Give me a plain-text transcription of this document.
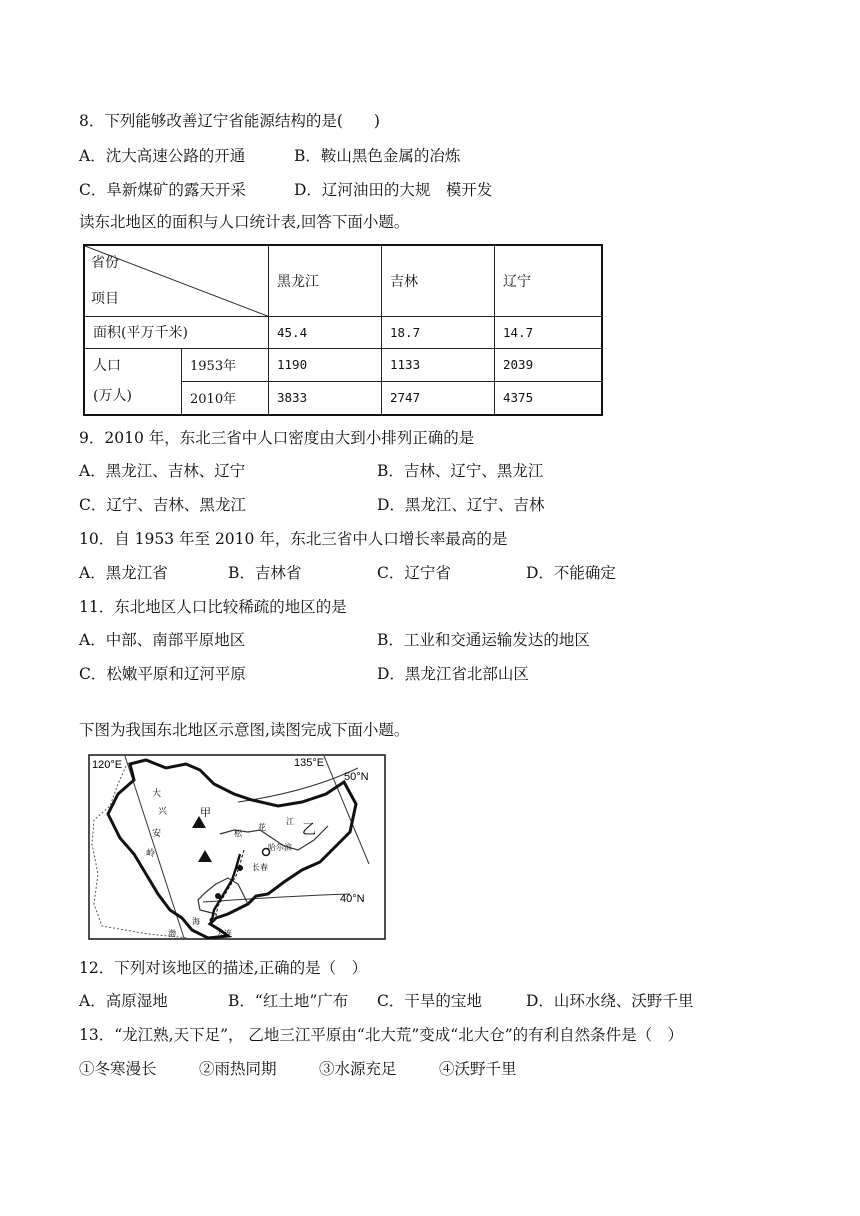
8．下列能够改善辽宁省能源结构的是(　　)
A．沈大高速公路的开通	B．鞍山黑色金属的冶炼
C．阜新煤矿的露天开采	D．辽河油田的大规　模开发
读东北地区的面积与人口统计表,回答下面小题。
省份
项目		黑龙江	吉林	辽宁
面积(平万千米)		45.4	18.7	14.7
人口
(万人)	1953年	1190	1133	2039
	2010年	3833	2747	4375
9．2010 年，东北三省中人口密度由大到小排列正确的是
A．黑龙江、吉林、辽宁	B．吉林、辽宁、黑龙江
C．辽宁、吉林、黑龙江	D．黑龙江、辽宁、吉林
10．自 1953 年至 2010 年，东北三省中人口增长率最高的是
A．黑龙江省	B．吉林省	C．辽宁省	D．不能确定
11．东北地区人口比较稀疏的地区的是
A．中部、南部平原地区	B．工业和交通运输发达的地区
C．松嫩平原和辽河平原	D．黑龙江省北部山区
下图为我国东北地区示意图,读图完成下面小题。
120°E	135°E
50°N
40°N
甲
乙
哈尔滨
长春
大连
大
兴
安
岭
江
松
花
海
渤
12．下列对该地区的描述,正确的是（　）
A．高原湿地	B．“红土地”广布 C．干旱的宝地	D．山环水绕、沃野千里
13．“龙江熟,天下足”， 乙地三江平原由“北大荒”变成“北大仓”的有利自然条件是（　）
①冬寒漫长	②雨热同期	③水源充足	④沃野千里
